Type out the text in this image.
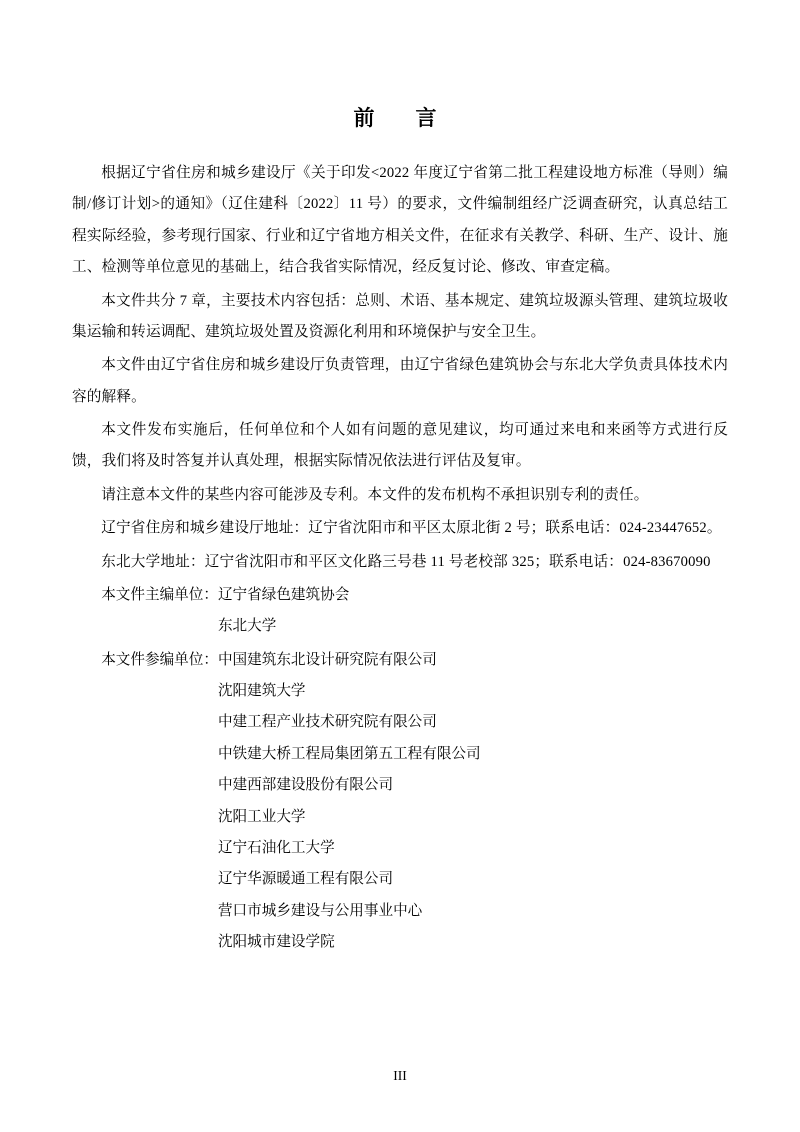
前　言

根据辽宁省住房和城乡建设厅《关于印发<2022 年度辽宁省第二批工程建设地方标准（导则）编制/修订计划>的通知》（辽住建科〔2022〕11 号）的要求，文件编制组经广泛调查研究，认真总结工程实际经验，参考现行国家、行业和辽宁省地方相关文件，在征求有关教学、科研、生产、设计、施工、检测等单位意见的基础上，结合我省实际情况，经反复讨论、修改、审查定稿。

本文件共分 7 章，主要技术内容包括：总则、术语、基本规定、建筑垃圾源头管理、建筑垃圾收集运输和转运调配、建筑垃圾处置及资源化利用和环境保护与安全卫生。

本文件由辽宁省住房和城乡建设厅负责管理，由辽宁省绿色建筑协会与东北大学负责具体技术内容的解释。

本文件发布实施后，任何单位和个人如有问题的意见建议，均可通过来电和来函等方式进行反馈，我们将及时答复并认真处理，根据实际情况依法进行评估及复审。

请注意本文件的某些内容可能涉及专利。本文件的发布机构不承担识别专利的责任。

辽宁省住房和城乡建设厅地址：辽宁省沈阳市和平区太原北街 2 号；联系电话：024-23447652。

东北大学地址：辽宁省沈阳市和平区文化路三号巷 11 号老校部 325；联系电话：024-83670090

本文件主编单位： 辽宁省绿色建筑协会
东北大学
本文件参编单位： 中国建筑东北设计研究院有限公司
沈阳建筑大学
中建工程产业技术研究院有限公司
中铁建大桥工程局集团第五工程有限公司
中建西部建设股份有限公司
沈阳工业大学
辽宁石油化工大学
辽宁华源暖通工程有限公司
营口市城乡建设与公用事业中心
沈阳城市建设学院
III
